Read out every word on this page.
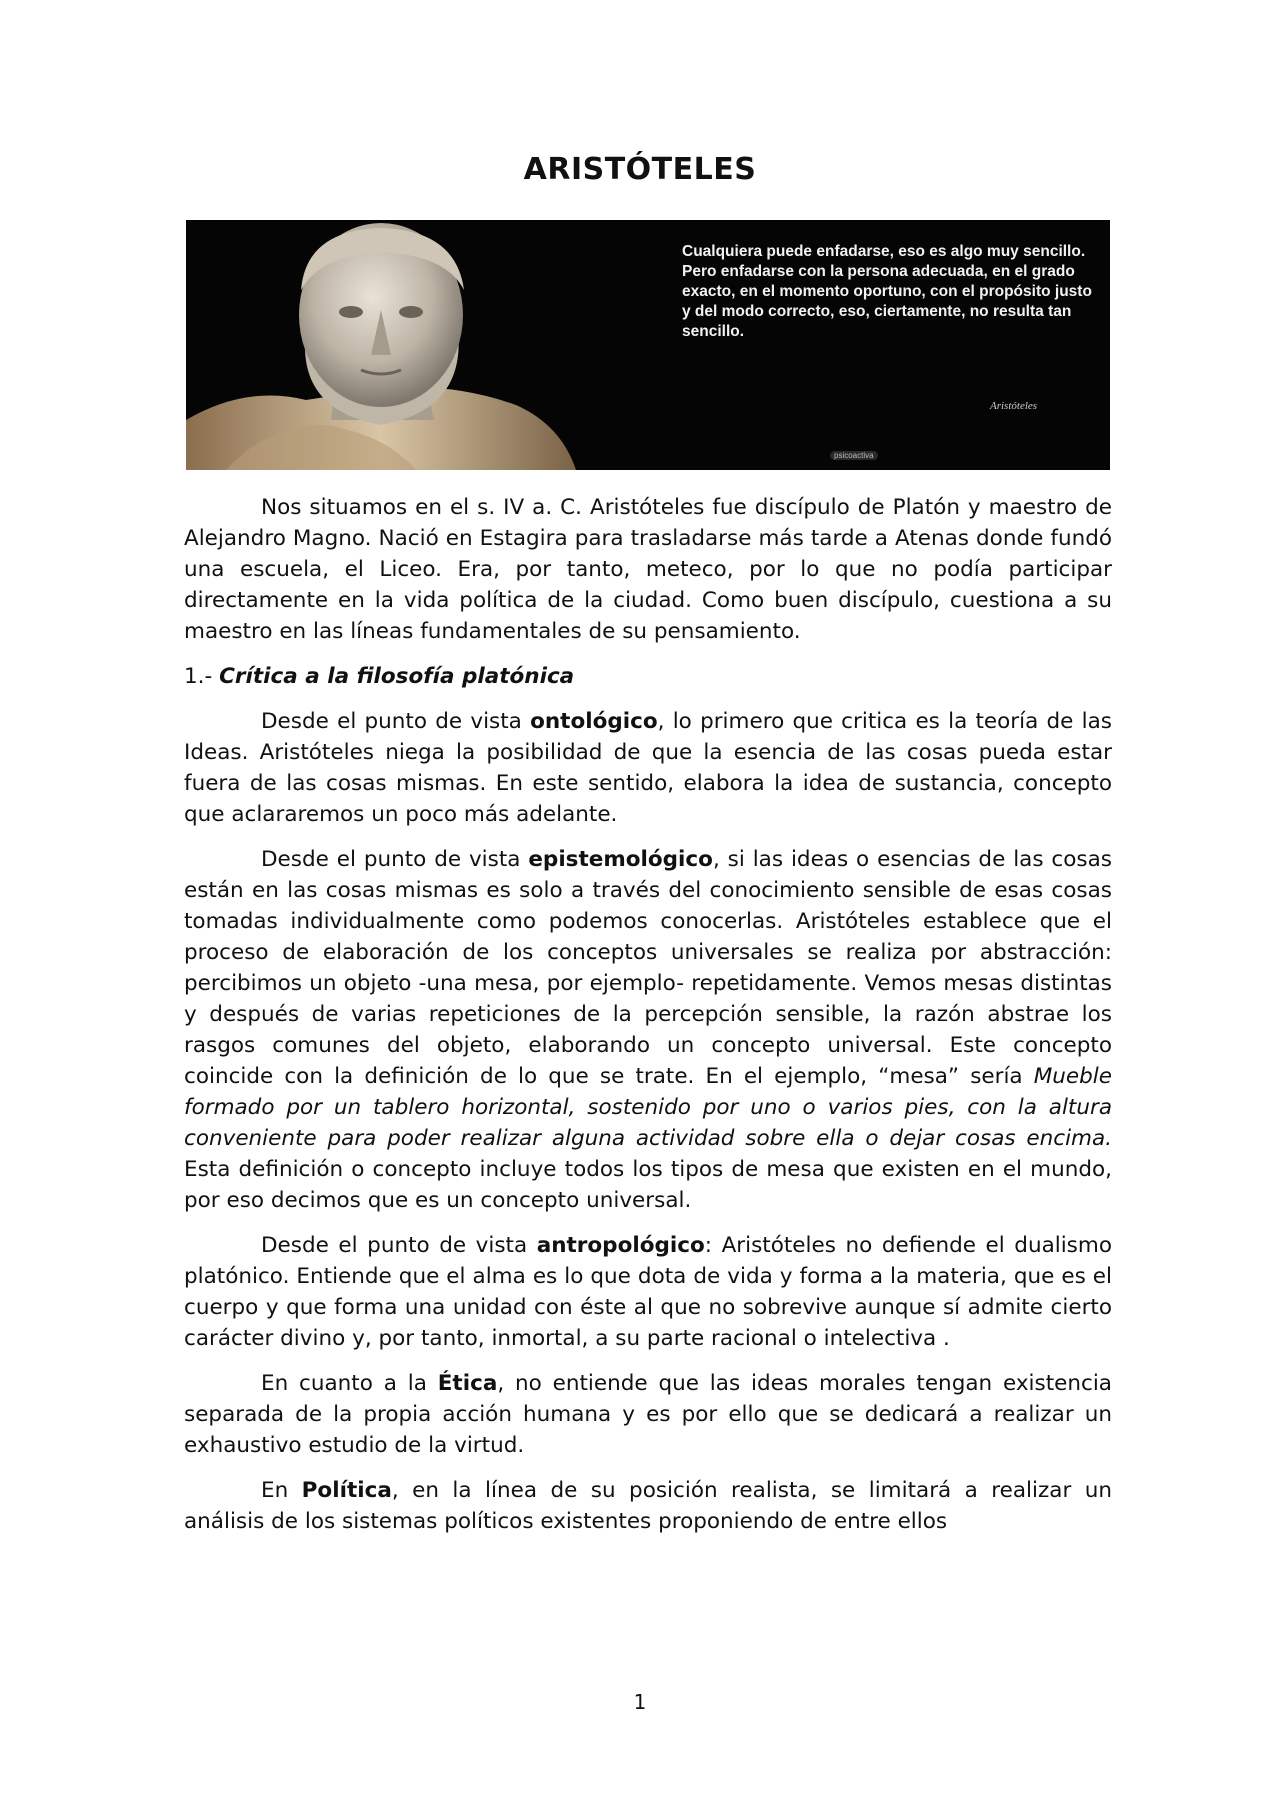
ARISTÓTELES
Cualquiera puede enfadarse, eso es algo muy sencillo. Pero enfadarse con la persona adecuada, en el grado exacto, en el momento oportuno, con el propósito justo y del modo correcto, eso, ciertamente, no resulta tan sencillo.
Aristóteles
psicoactiva

Nos situamos en el s. IV a. C. Aristóteles fue discípulo de Platón y maestro de Alejandro Magno. Nació en Estagira para trasladarse más tarde a Atenas donde fundó una escuela, el Liceo. Era, por tanto, meteco, por lo que no podía participar directamente en la vida política de la ciudad. Como buen discípulo, cuestiona a su maestro en las líneas fundamentales de su pensamiento.

1.- Crítica a la filosofía platónica

Desde el punto de vista ontológico, lo primero que critica es la teoría de las Ideas. Aristóteles niega la posibilidad de que la esencia de las cosas pueda estar fuera de las cosas mismas. En este sentido, elabora la idea de sustancia, concepto que aclararemos un poco más adelante.

Desde el punto de vista epistemológico, si las ideas o esencias de las cosas están en las cosas mismas es solo a través del conocimiento sensible de esas cosas tomadas individualmente como podemos conocerlas. Aristóteles establece que el proceso de elaboración de los conceptos universales se realiza por abstracción: percibimos un objeto -una mesa, por ejemplo- repetidamente. Vemos mesas distintas y después de varias repeticiones de la percepción sensible, la razón abstrae los rasgos comunes del objeto, elaborando un concepto universal. Este concepto coincide con la definición de lo que se trate. En el ejemplo, “mesa” sería Mueble formado por un tablero horizontal, sostenido por uno o varios pies, con la altura conveniente para poder realizar alguna actividad sobre ella o dejar cosas encima. Esta definición o concepto incluye todos los tipos de mesa que existen en el mundo, por eso decimos que es un concepto universal.

Desde el punto de vista antropológico: Aristóteles no defiende el dualismo platónico. Entiende que el alma es lo que dota de vida y forma a la materia, que es el cuerpo y que forma una unidad con éste al que no sobrevive aunque sí admite cierto carácter divino y, por tanto, inmortal, a su parte racional o intelectiva .

En cuanto a la Ética, no entiende que las ideas morales tengan existencia separada de la propia acción humana y es por ello que se dedicará a realizar un exhaustivo estudio de la virtud.

En Política, en la línea de su posición realista, se limitará a realizar un análisis de los sistemas políticos existentes proponiendo de entre ellos

1
